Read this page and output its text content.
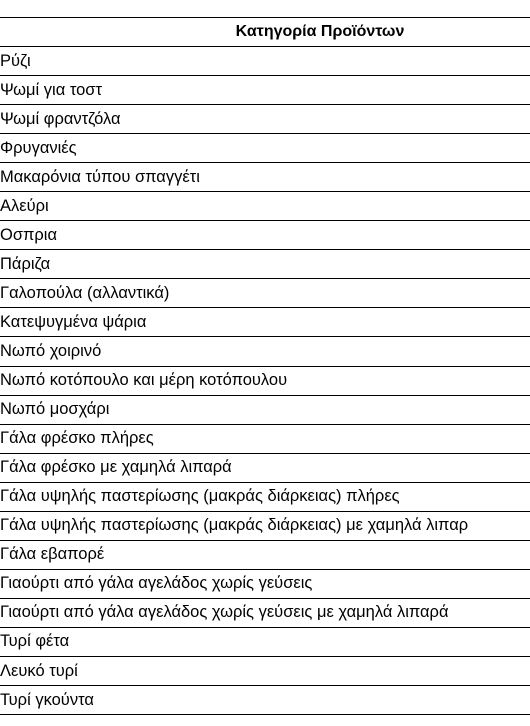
Κατηγορία Προϊόντων
Ρύζι
Ψωμί για τοστ
Ψωμί φραντζόλα
Φρυγανιές
Μακαρόνια τύπου σπαγγέτι
Αλεύρι
Οσπρια
Πάριζα
Γαλοπούλα (αλλαντικά)
Κατεψυγμένα ψάρια
Νωπό χοιρινό
Νωπό κοτόπουλο και μέρη κοτόπουλου
Νωπό μοσχάρι
Γάλα φρέσκο πλήρες
Γάλα φρέσκο με χαμηλά λιπαρά
Γάλα υψηλής παστερίωσης (μακράς διάρκειας) πλήρες
Γάλα υψηλής παστερίωσης (μακράς διάρκειας) με χαμηλά λιπαρ
Γάλα εβαπορέ
Γιαούρτι από γάλα αγελάδος χωρίς γεύσεις
Γιαούρτι από γάλα αγελάδος χωρίς γεύσεις με χαμηλά λιπαρά
Τυρί φέτα
Λευκό τυρί
Τυρί γκούντα
